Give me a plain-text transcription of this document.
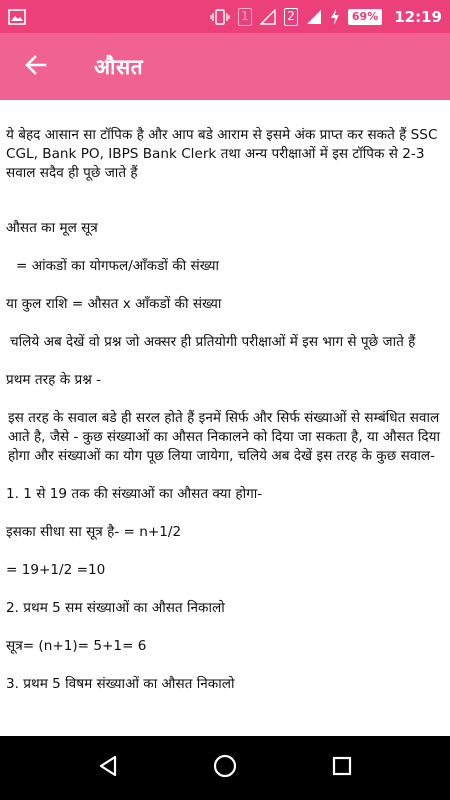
1	2	69% 12:19
औसत

ये बेहद आसान सा टॉपिक है और आप बडे आराम से इसमे अंक प्राप्त कर सकते हैं SSC CGL, Bank PO, IBPS Bank Clerk तथा अन्य परीक्षाओं में इस टॉपिक से 2-3 सवाल सदैव ही पूछे जाते हैं

औसत का मूल सूत्र

= आंकडों का योगफल/आँकडों की संख्या

या कुल राशि = औसत x आँकडों की संख्या

चलिये अब देखें वो प्रश्न जो अक्सर ही प्रतियोगी परीक्षाओं में इस भाग से पूछे जाते हैं

प्रथम तरह के प्रश्न -

इस तरह के सवाल बडे ही सरल होते हैं इनमें सिर्फ और सिर्फ संख्याओं से सम्बंधित सवाल आते है, जैसे - कुछ संख्याओं का औसत निकालने को दिया जा सकता है, या औसत दिया होगा और संख्याओं का योग पूछ लिया जायेगा, चलिये अब देखें इस तरह के कुछ सवाल-

1. 1 से 19 तक की संख्याओं का औसत क्या होगा-

इसका सीधा सा सूत्र है- = n+1/2

= 19+1/2 =10

2. प्रथम 5 सम संख्याओं का औसत निकालो

सूत्र= (n+1)= 5+1= 6

3. प्रथम 5 विषम संख्याओं का औसत निकालो
